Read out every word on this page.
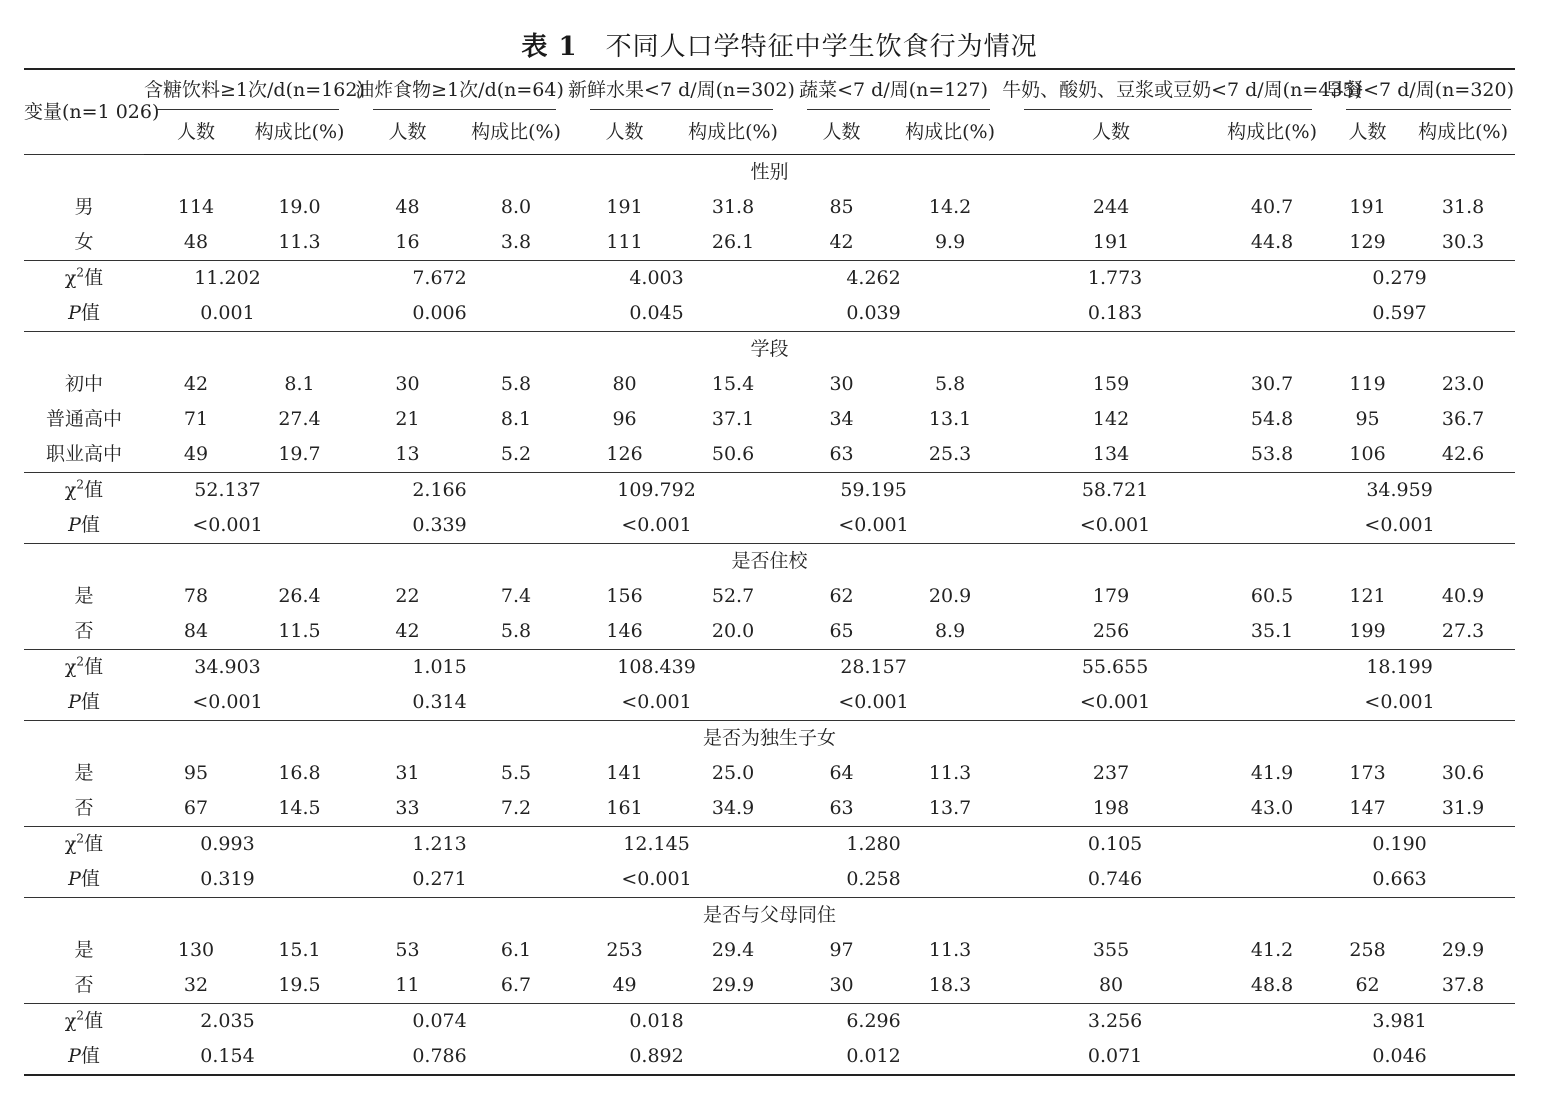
表 1 不同人口学特征中学生饮食行为情况
变量(n=1 026)	含糖饮料≥1次/d(n=162)		油炸食物≥1次/d(n=64)		新鲜水果<7 d/周(n=302)		蔬菜<7 d/周(n=127)		牛奶、酸奶、豆浆或豆奶<7 d/周(n=435)		早餐<7 d/周(n=320)	

	人数	构成比(%)	人数	构成比(%)	人数	构成比(%)	人数	构成比(%)	人数	构成比(%)	人数	构成比(%)
性别												
男	114	19.0	48	8.0	191	31.8	85	14.2	244	40.7	191	31.8
女	48	11.3	16	3.8	111	26.1	42	9.9	191	44.8	129	30.3
$\chi^2$值	11.202		7.672		4.003		4.262		1.773		0.279	
P值	0.001		0.006		0.045		0.039		0.183		0.597	
学段												
初中	42	8.1	30	5.8	80	15.4	30	5.8	159	30.7	119	23.0
普通高中	71	27.4	21	8.1	96	37.1	34	13.1	142	54.8	95	36.7
职业高中	49	19.7	13	5.2	126	50.6	63	25.3	134	53.8	106	42.6
$\chi^2$值	52.137		2.166		109.792		59.195		58.721		34.959	
P值	<0.001		0.339		<0.001		<0.001		<0.001		<0.001	
是否住校												
是	78	26.4	22	7.4	156	52.7	62	20.9	179	60.5	121	40.9
否	84	11.5	42	5.8	146	20.0	65	8.9	256	35.1	199	27.3
$\chi^2$值	34.903		1.015		108.439		28.157		55.655		18.199	
P值	<0.001		0.314		<0.001		<0.001		<0.001		<0.001	
是否为独生子女												
是	95	16.8	31	5.5	141	25.0	64	11.3	237	41.9	173	30.6
否	67	14.5	33	7.2	161	34.9	63	13.7	198	43.0	147	31.9
$\chi^2$值	0.993		1.213		12.145		1.280		0.105		0.190	
P值	0.319		0.271		<0.001		0.258		0.746		0.663	
是否与父母同住												
是	130	15.1	53	6.1	253	29.4	97	11.3	355	41.2	258	29.9
否	32	19.5	11	6.7	49	29.9	30	18.3	80	48.8	62	37.8
$\chi^2$值	2.035		0.074		0.018		6.296		3.256		3.981	
P值	0.154		0.786		0.892		0.012		0.071		0.046	
